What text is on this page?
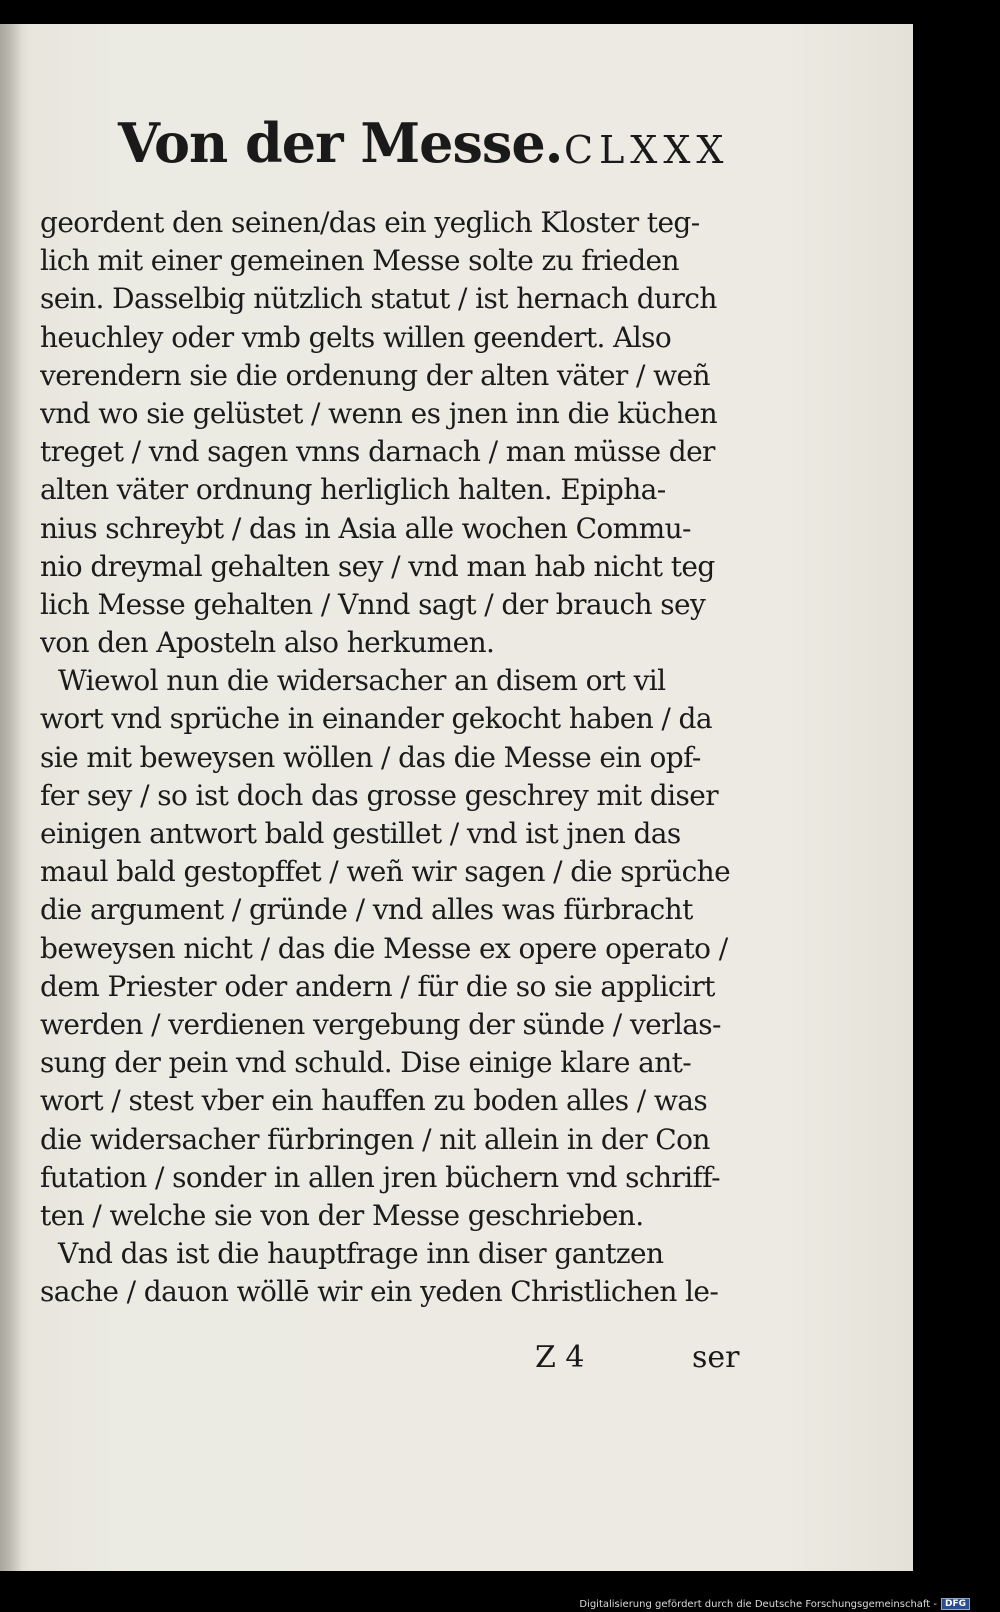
Von der Messe. CLXXX
geordent den seinen/das ein yeglich Kloster teg-
lich mit einer gemeinen Messe solte zu frieden
sein. Dasselbig nützlich statut / ist hernach durch
heuchley oder vmb gelts willen geendert. Also
verendern sie die ordenung der alten väter / weñ
vnd wo sie gelüstet / wenn es jnen inn die küchen
treget / vnd sagen vnns darnach / man müsse der
alten väter ordnung herliglich halten. Epipha-
nius schreybt / das in Asia alle wochen Commu-
nio dreymal gehalten sey / vnd man hab nicht teg
lich Messe gehalten / Vnnd sagt / der brauch sey
von den Aposteln also herkumen.
Wiewol nun die widersacher an disem ort vil
wort vnd sprüche in einander gekocht haben / da
sie mit beweysen wöllen / das die Messe ein opf-
fer sey / so ist doch das grosse geschrey mit diser
einigen antwort bald gestillet / vnd ist jnen das
maul bald gestopffet / weñ wir sagen / die sprüche
die argument / gründe / vnd alles was fürbracht
beweysen nicht / das die Messe ex opere operato /
dem Priester oder andern / für die so sie applicirt
werden / verdienen vergebung der sünde / verlas-
sung der pein vnd schuld. Dise einige klare ant-
wort / stest vber ein hauffen zu boden alles / was
die widersacher fürbringen / nit allein in der Con
futation / sonder in allen jren büchern vnd schriff-
ten / welche sie von der Messe geschrieben.
Vnd das ist die hauptfrage inn diser gantzen
sache / dauon wöllē wir ein yeden Christlichen le-
Z 4	ser
Digitalisierung gefördert durch die Deutsche Forschungsgemeinschaft - DFG
